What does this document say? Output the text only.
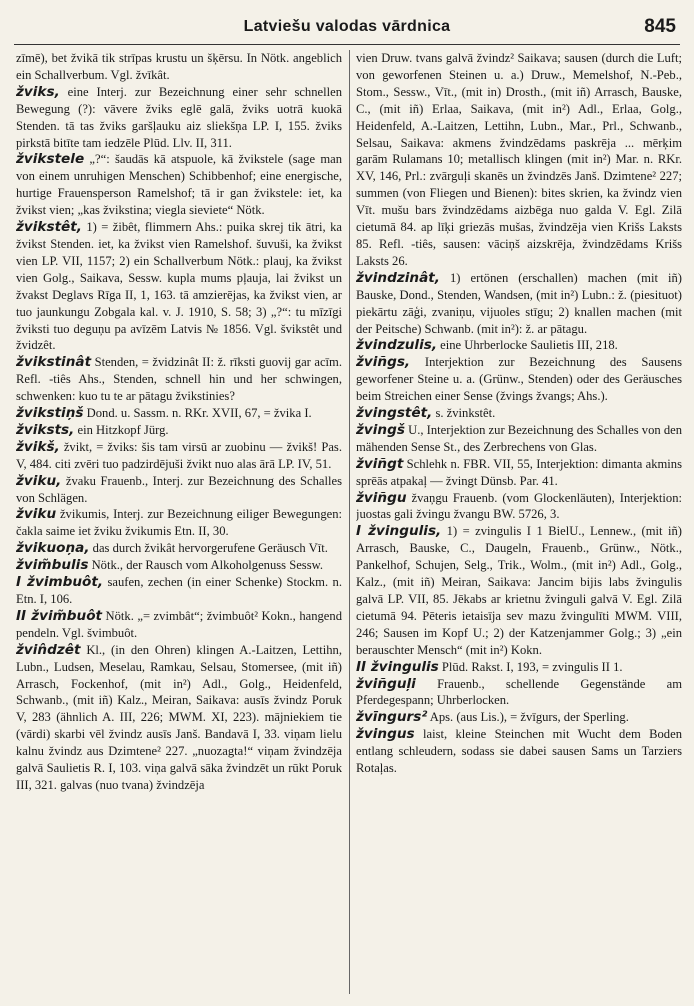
Latviešu valodas vārdnica	845

zīmē), bet žvikā tik strīpas krustu un šķērsu. In Nötk. angeblich ein Schallverbum. Vgl. žvīkât.

žviks, eine Interj. zur Bezeichnung einer sehr schnellen Bewegung (?): vāvere žviks eglē galā, žviks uotrā kuokā Stenden. tā tas žviks garšļauku aiz sliekšņa LP. I, 155. žviks pirkstā bitīte tam iedzēle Plūd. Llv. II, 311.

žvikstele „?“: šaudās kā atspuole, kā žvikstele (sage man von einem unruhigen Menschen) Schibbenhof; eine energische, hurtige Frauensperson Ramelshof; tā ir gan žvikstele: iet, ka žvikst vien; „kas žvikstina; viegla sieviete“ Nötk.

žvikstêt, 1) = žibêt, flimmern Ahs.: puika skrej tik ātri, ka žvikst Stenden. iet, ka žvikst vien Ramelshof. šuvuši, ka žvikst vien LP. VII, 1157; 2) ein Schallverbum Nötk.: plauj, ka žvikst vien Golg., Saikava, Sessw. kupla mums pļauja, lai žvikst un žvakst Deglavs Rīga II, 1, 163. tā amzierējas, ka žvikst vien, ar tuo jaunkungu Zobgala kal. v. J. 1910, S. 58; 3) „?“: tu mīzīgi žviksti tuo deguņu pa avīzēm Latvis № 1856. Vgl. švikstêt und žvidzêt.

žvikstinât Stenden, = žvidzinât II: ž. rīksti guovij gar acīm. Refl. -tiês Ahs., Stenden, schnell hin und her schwingen, schwenken: kuo tu te ar pātagu žvikstinies?

žvikstiņš Dond. u. Sassm. n. RKr. XVII, 67, = žvika I.

žviksts, ein Hitzkopf Jürg.

žvikš, žvikt, = žviks: šis tam virsū ar zuobinu — žvikš! Pas. V, 484. citi zvēri tuo padzirdējuši žvikt nuo alas ārā LP. IV, 51.

žviku, žvaku Frauenb., Interj. zur Bezeichnung des Schalles von Schlägen.

žviku žvikumis, Interj. zur Bezeichnung eiliger Bewegungen: čakla saime iet žviku žvikumis Etn. II, 30.

žvikuoņa, das durch žvikât hervorgerufene Geräusch Vīt.

žvim̃bulis Nötk., der Rausch vom Alkoholgenuss Sessw.

I žvimbuôt, saufen, zechen (in einer Schenke) Stockm. n. Etn. I, 106.

II žvim̃buôt Nötk. „= zvimbât“; žvimbuôt² Kokn., hangend pendeln. Vgl. švimbuôt.

žvin̂dzêt Kl., (in den Ohren) klingen A.-Laitzen, Lettihn, Lubn., Ludsen, Meselau, Ramkau, Selsau, Stomersee, (mit iñ) Arrasch, Fockenhof, (mit in²) Adl., Golg., Heidenfeld, Schwanb., (mit iñ) Kalz., Meiran, Saikava: ausīs žvindz Poruk V, 283 (ähnlich A. III, 226; MWM. XI, 223). mājniekiem tie (vārdi) skarbi vēl žvindz ausīs Janš. Bandavā I, 33. viņam lielu kalnu žvindz aus Dzimtene² 227. „nuozagta!“ viņam žvindzēja galvā Saulietis R. I, 103. viņa galvā sāka žvindzēt un rūkt Poruk III, 321. galvas (nuo tvana) žvindzēja

vien Druw. tvans galvā žvindz² Saikava; sausen (durch die Luft; von geworfenen Steinen u. a.) Druw., Memelshof, N.-Peb., Stom., Sessw., Vīt., (mit in) Drosth., (mit iñ) Arrasch, Bauske, C., (mit iñ) Erlaa, Saikava, (mit in²) Adl., Erlaa, Golg., Heidenfeld, A.-Laitzen, Lettihn, Lubn., Mar., Prl., Schwanb., Selsau, Saikava: akmens žvindzēdams paskrēja ... mērķim garām Rulamans 10; metallisch klingen (mit in²) Mar. n. RKr. XV, 146, Prl.: zvārguļi skanēs un žvindzēs Janš. Dzimtene² 227; summen (von Fliegen und Bienen): bites skrien, ka žvindz vien Vīt. mušu bars žvindzēdams aizbēga nuo galda V. Egl. Zilā cietumā 84. ap līķi griezās mušas, žvindzēja vien Krišs Laksts 85. Refl. -tiês, sausen: vāciņš aizskrēja, žvindzēdams Krišs Laksts 26.

žvindzinât, 1) ertönen (erschallen) machen (mit iñ) Bauske, Dond., Stenden, Wandsen, (mit in²) Lubn.: ž. (piesituot) piekārtu zāģi, zvaniņu, vijuoles stīgu; 2) knallen machen (mit der Peitsche) Schwanb. (mit in²): ž. ar pātagu.

žvindzulis, eine Uhrberlocke Saulietis III, 218.

žviñgs, Interjektion zur Bezeichnung des Sausens geworfener Steine u. a. (Grünw., Stenden) oder des Geräusches beim Streichen einer Sense (žvings žvangs; Ahs.).

žvingstêt, s. žvinkstêt.

žvingš U., Interjektion zur Bezeichnung des Schalles von den mähenden Sense St., des Zerbrechens von Glas.

žviñgt Schlehk n. FBR. VII, 55, Interjektion: dimanta akmins sprēās atpakaļ — žvingt Dünsb. Par. 41.

žviñgu žvaņgu Frauenb. (vom Glockenläuten), Interjektion: juostas gali žvingu žvangu BW. 5726, 3.

I žvingulis, 1) = zvingulis I 1 BielU., Lennew., (mit iñ) Arrasch, Bauske, C., Daugeln, Frauenb., Grünw., Nötk., Pankelhof, Schujen, Selg., Trik., Wolm., (mit in²) Adl., Golg., Kalz., (mit iñ) Meiran, Saikava: Jancim bijis labs žvingulis galvā LP. VII, 85. Jēkabs ar krietnu žvinguli galvā V. Egl. Zilā cietumā 94. Pēteris ietaisīja sev mazu žvingulīti MWM. VIII, 246; Sausen im Kopf U.; 2) der Katzenjammer Golg.; 3) „ein berauschter Mensch“ (mit in²) Kokn.

II žvingulis Plūd. Rakst. I, 193, = zvingulis II 1.

žviñguļi Frauenb., schellende Gegenstände am Pferdegespann; Uhrberlocken.

žvīngurs² Aps. (aus Lis.), = žvīgurs, der Sperling.

žvingus laist, kleine Steinchen mit Wucht dem Boden entlang schleudern, sodass sie dabei sausen Sams un Tarziers Rotaļas.
